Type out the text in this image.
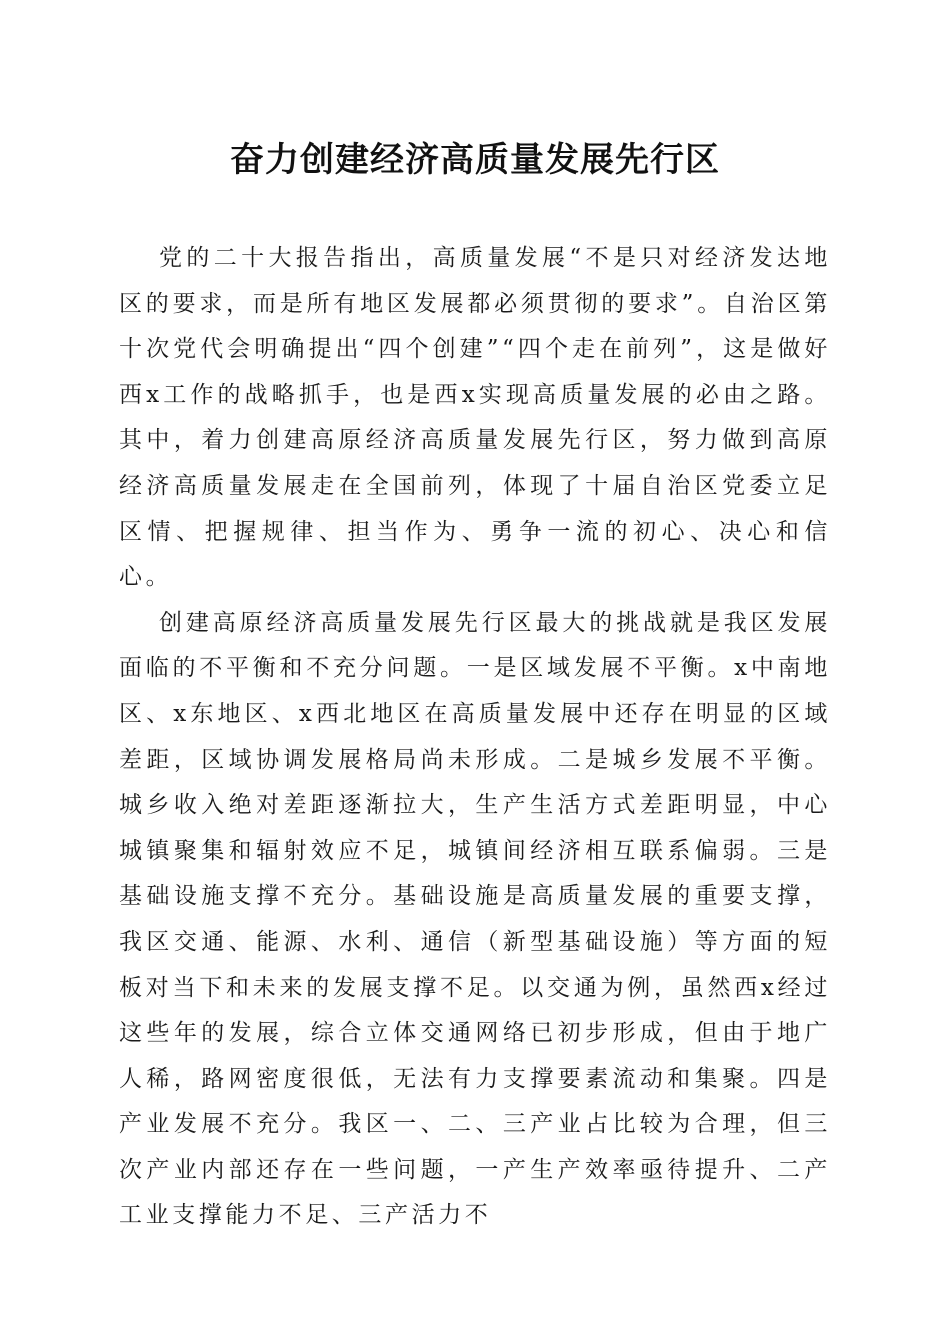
奋力创建经济高质量发展先行区

党的二十大报告指出，高质量发展“不是只对经济发达地区的要求，而是所有地区发展都必须贯彻的要求”。自治区第十次党代会明确提出“四个创建”“四个走在前列”，这是做好西x工作的战略抓手，也是西x实现高质量发展的必由之路。其中，着力创建高原经济高质量发展先行区，努力做到高原经济高质量发展走在全国前列，体现了十届自治区党委立足区情、把握规律、担当作为、勇争一流的初心、决心和信心。

创建高原经济高质量发展先行区最大的挑战就是我区发展面临的不平衡和不充分问题。一是区域发展不平衡。x中南地区、x东地区、x西北地区在高质量发展中还存在明显的区域差距，区域协调发展格局尚未形成。二是城乡发展不平衡。城乡收入绝对差距逐渐拉大，生产生活方式差距明显，中心城镇聚集和辐射效应不足，城镇间经济相互联系偏弱。三是基础设施支撑不充分。基础设施是高质量发展的重要支撑，我区交通、能源、水利、通信（新型基础设施）等方面的短板对当下和未来的发展支撑不足。以交通为例，虽然西x经过这些年的发展，综合立体交通网络已初步形成，但由于地广人稀，路网密度很低，无法有力支撑要素流动和集聚。四是产业发展不充分。我区一、二、三产业占比较为合理，但三次产业内部还存在一些问题，一产生产效率亟待提升、二产工业支撑能力不足、三产活力不
